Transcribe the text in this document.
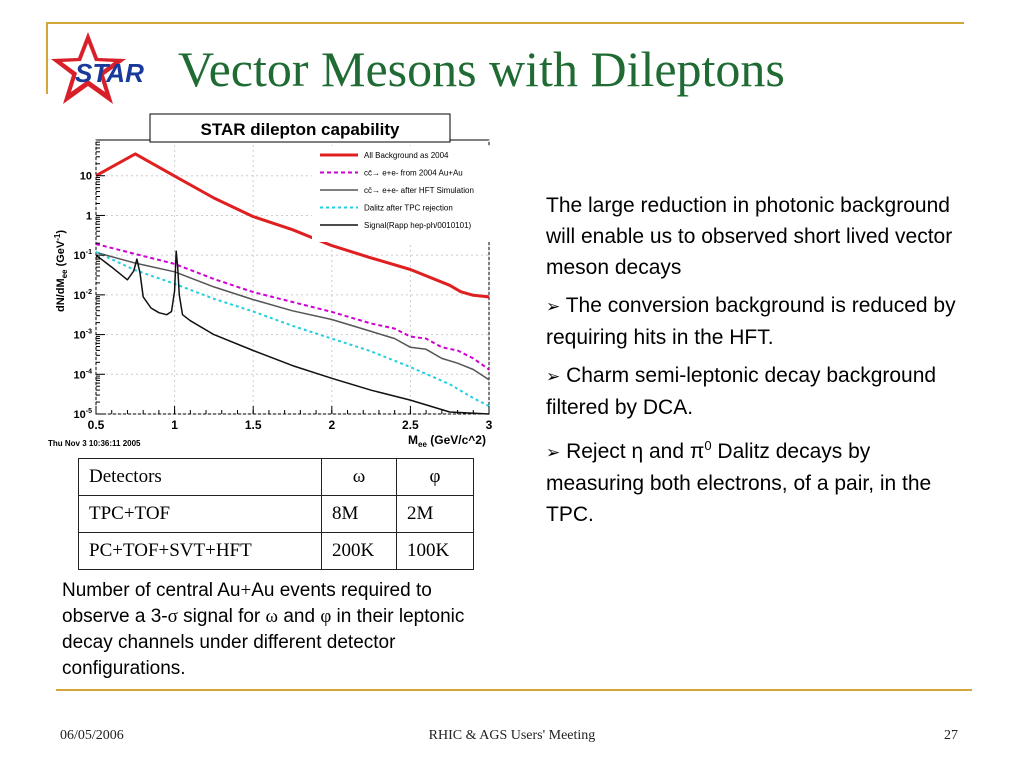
STAR Vector Mesons with Dileptons
0.5	1	1.5	2	2.5	3
10
1
$10^{-1}$
$10^{-2}$
$10^{-3}$
$10^{-4}$
$10^{-5}$
STAR dilepton capability
$dN/dM_{ee}$ (GeV$^{-1}$)
$M_{ee}$ (GeV/c^2)
Thu Nov 3 10:36:11 2005
All Background as 2004
cc̄→ e+e- from 2004 Au+Au
cc̄→ e+e- after HFT Simulation
Dalitz after TPC rejection
Signal(Rapp hep-ph/0010101)
Detectors	ω	φ
TPC+TOF	8M	2M
PC+TOF+SVT+HFT	200K	100K
Number of central Au+Au events required to observe a 3-σ signal for ω and φ in their leptonic decay channels under different detector configurations.

The large reduction in photonic background will enable us to observed short lived vector meson decays

➢ The conversion background is reduced by requiring hits in the HFT.

➢ Charm semi-leptonic decay background filtered by DCA.

➢ Reject η and $\pi^0$ Dalitz decays by measuring both electrons, of a pair, in the TPC.

06/05/2006	RHIC & AGS Users' Meeting	27
